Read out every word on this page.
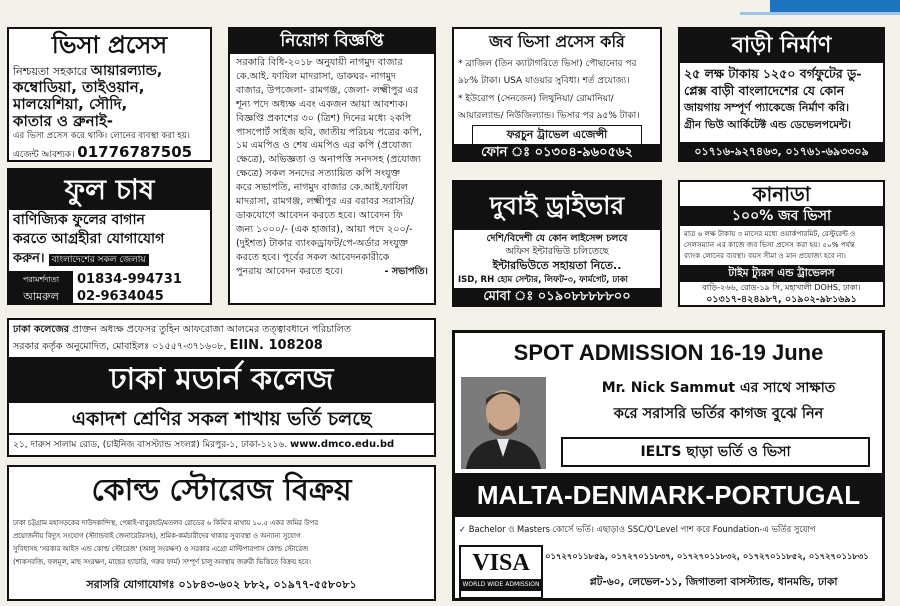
ভিসা প্রসেস
নিশ্চয়তা সহকারে আয়ারল্যান্ড,
কম্বোডিয়া, তাইওয়ান,
মালয়েশিয়া, সৌদি,
কাতার ও ব্রুনাই-
এর ভিসা প্রসেস করে থাকি। লোনের ব্যবস্থা করা হয়।
এজেন্ট আবশ্যক। 01776787505
ফুল চাষ
বাণিজ্যিক ফুলের বাগান
করতে আগ্রহীরা যোগাযোগ
করুন। বাংলাদেশের সকল জেলায়
পরামর্শদাতা	01834-994731
আমরুল	02-9634045
নিয়োগ বিজ্ঞপ্তি
সরকারি বিধি-২০১৮ অনুযায়ী নাগমুদ বাজার
কে.আই. ফাযিল মাদরাসা, ডাকঘর- নাগমুদ
বাজার, উপজেলা- রামগঞ্জ, জেলা- লক্ষ্মীপুর এর
শূন্য পদে অধ্যক্ষ এবং একজন আয়া আবশ্যক।
বিজ্ঞপ্তি প্রকাশের ৩০ (ত্রিশ) দিনের মধ্যে ২কপি
পাসপোর্ট সাইজ ছবি, জাতীয় পরিচয় পত্রের কপি,
১ম এমপিও ও শেষ এমপিও এর কপি (প্রযোজ্য
ক্ষেত্রে), অভিজ্ঞতা ও অনাপত্তি সনদসহ (প্রযোজ্য
ক্ষেত্রে) সকল সনদের সত্যায়িত কপি সংযুক্ত
করে সভাপতি, নাগমুদ বাজার কে.আই.ফাযিল
মাদরাসা, রামগঞ্জ, লক্ষ্মীপুর এর বরাবর সরাসরি/
ডাকযোগে আবেদন করতে হবে। আবেদন ফি
জন্য ১০০০/- (এক হাজার), আয়া পদে ২০০/-
(দুইশত) টাকার ব্যাংকড্রাফট/পে-অর্ডার সংযুক্ত
করতে হবে। পূর্বের সকল আবেদনকারীকে
পুনরায় আবেদন করতে হবে।	- সভাপতি।
জব ভিসা প্রসেস করি
* ব্রাজিল (তিন ক্যাটাগরিতে ভিসা) পৌছানোর পর
৯৮% টাকা। USA যাওয়ার সুবিধা। শর্ত প্রযোজ্য।
* ইউরোপ (সেনজেন) লিথুনিয়া/ রোমানিয়া/
আয়ারল্যান্ড/ নিউজিল্যান্ড। ভিসার পর ৯৫% টাকা।
ফরচুন ট্রাভেল এজেন্সী
ফোন ঃ ০১৩০৪-৯৬০৫৬২
বাড়ী নির্মাণ
২৫ লক্ষ টাকায় ১২৫০ বর্গফুটের ডু-
প্লেক্স বাড়ী বাংলাদেশের যে কোন
জায়গায় সম্পূর্ণ প্যাকেজে নির্মাণ করি।
গ্রীন ভিউ আর্কিটেক্ট এন্ড ডেভেলপমেন্ট।
০১৭১৬-৯২৭৪৬৩, ০১৭৬১-৬৯৩৩০৯
দুবাই ড্রাইভার
দেশি/বিদেশী যে কোন লাইসেন্স চলবে
অফিস ইন্টারভিউ চলিতেছে
ইন্টারভিউতে সহায়তা নিতে..
ISD, RH হোম সেন্টার, লিফট-৩, ফার্মগেট, ঢাকা
মোবা ঃ ০১৯০৮৮৮৮৮০০
কানাডা
১০০% জব ভিসা
মাত্র ৬ লক্ষ টাকায় ৩ মাসের মধ্যে ওয়ার্কপারমিট, রেস্টুরেন্ট ও
সেলসম্যান এর কাজে জব ভিসা প্রসেস করা হয়। ৫০% পর্যন্ত
ব্যাংক লোনের ব্যবস্থা। বয়স সীমা ও মান প্রযোজ্য হবে না।
টাইম ট্যুরস এন্ড ট্রাভেলস
বাড়ি-২৬৬, রোড-১৯ সি, মহাখালী DOHS, ঢাকা।
০১৩১৭-৪২৪৯৮৭, ০১৯০২-৯৮১৬৯১
ঢাকা কলেজের প্রাক্তন অধ্যক্ষ প্রফেসর তুহিন আফরোজা আলমের তত্ত্বাবধানে পরিচালিত
সরকার কর্তৃক অনুমোদিত, মোবাইলঃ ০১৫৫৭-৩৭১৬০৮, EIIN. 108208
ঢাকা মডার্ন কলেজ
একাদশ শ্রেণির সকল শাখায় ভর্তি চলছে
২১, দারুস সালাম রোড, (চাইনিজ বাসস্ট্যান্ড সংলগ্ন) মিরপুর-১, ঢাকা-১২১৬. www.dmco.edu.bd
কোল্ড স্টোরেজ বিক্রয়
ঢাকা চট্টগ্রাম মহাসড়কের দাউদকান্দিস্থ, পেন্নাই-বাবুরহাট/মতলব রোডের ৬ কিমি'র মাথায় ১০.৫ একর জমির উপর
প্রয়োজনীয় বিদ্যুৎ সংযোগ (স্ট্যান্ডবাই জেনারেটরসহ), শ্রমিক-কর্মচারীদের থাকার সুব্যবস্থা ও অন্যান্য সুযোগ
সুবিধাসহ 'সরকার আইস এন্ড কোল্ড স্টোরেজ' (আলু সংরক্ষণ) ও সরকার এগ্রো মাল্টিপারপাস কোল্ড স্টোরেজ
(শাকসবজি, ফলমূল, মাছ সংরক্ষণ, মাছের হ্যাচারি, গরুর ফার্ম) সম্পূর্ণ চালু অবস্থায় জরুরী ভিত্তিতে বিক্রয় হবে।
সরাসরি যোগাযোগঃ ০১৮৪৩-৬০২ ৮৮২, ০১৯৭৭-৫৫৮০৮১
SPOT ADMISSION 16-19 June
Mr. Nick Sammut এর সাথে সাক্ষাত
করে সরাসরি ভর্তির কাগজ বুঝে নিন
IELTS ছাড়া ভর্তি ও ভিসা
MALTA-DENMARK-PORTUGAL
✓ Bachelor ও Masters কোর্সে ভর্তি। এছাড়াও SSC/O'Level পাশ করে Foundation-এ ভর্তির সুযোগ
VISA
WORLD WIDE ADMISSION
০১৭২৭০১১৮৫৯, ০১৭২৭০১১৮৩৭, ০১৭২৭০১১৮৩২, ০১৭২৭০১১৮৫২, ০১৭২৭০১১৮৩১
প্লট-৬০, লেভেল-১১, জিগাতলা বাসস্ট্যান্ড, ধানমন্ডি, ঢাকা
